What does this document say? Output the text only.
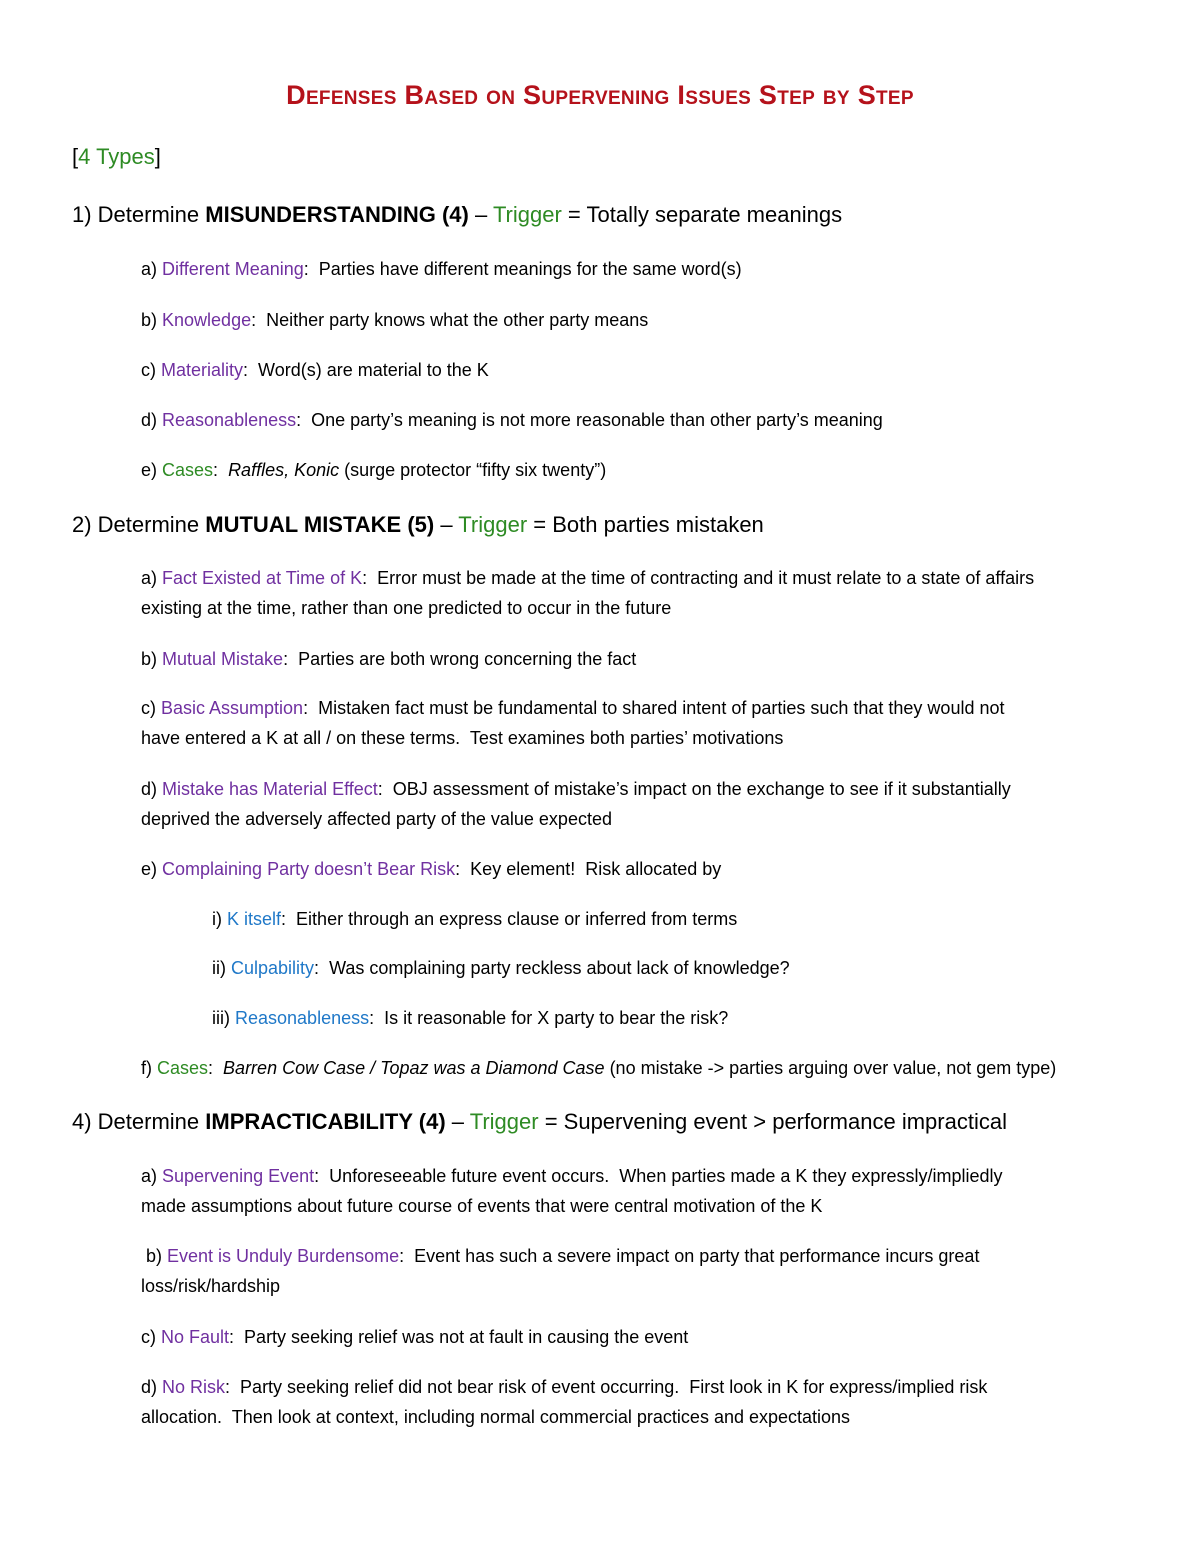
Defenses Based on Supervening Issues Step by Step
[4 Types]
1) Determine MISUNDERSTANDING (4) – Trigger = Totally separate meanings
a) Different Meaning:  Parties have different meanings for the same word(s)
b) Knowledge:  Neither party knows what the other party means
c) Materiality:  Word(s) are material to the K
d) Reasonableness:  One party’s meaning is not more reasonable than other party’s meaning
e) Cases:  Raffles, Konic (surge protector “fifty six twenty”)
2) Determine MUTUAL MISTAKE (5) – Trigger = Both parties mistaken
a) Fact Existed at Time of K:  Error must be made at the time of contracting and it must relate to a state of affairs
existing at the time, rather than one predicted to occur in the future
b) Mutual Mistake:  Parties are both wrong concerning the fact
c) Basic Assumption:  Mistaken fact must be fundamental to shared intent of parties such that they would not
have entered a K at all / on these terms.  Test examines both parties’ motivations
d) Mistake has Material Effect:  OBJ assessment of mistake’s impact on the exchange to see if it substantially
deprived the adversely affected party of the value expected
e) Complaining Party doesn’t Bear Risk:  Key element!  Risk allocated by
i) K itself:  Either through an express clause or inferred from terms
ii) Culpability:  Was complaining party reckless about lack of knowledge?
iii) Reasonableness:  Is it reasonable for X party to bear the risk?
f) Cases:  Barren Cow Case / Topaz was a Diamond Case (no mistake -> parties arguing over value, not gem type)
4) Determine IMPRACTICABILITY (4) – Trigger = Supervening event > performance impractical
a) Supervening Event:  Unforeseeable future event occurs.  When parties made a K they expressly/impliedly
made assumptions about future course of events that were central motivation of the K
b) Event is Unduly Burdensome:  Event has such a severe impact on party that performance incurs great
loss/risk/hardship
c) No Fault:  Party seeking relief was not at fault in causing the event
d) No Risk:  Party seeking relief did not bear risk of event occurring.  First look in K for express/implied risk
allocation.  Then look at context, including normal commercial practices and expectations
